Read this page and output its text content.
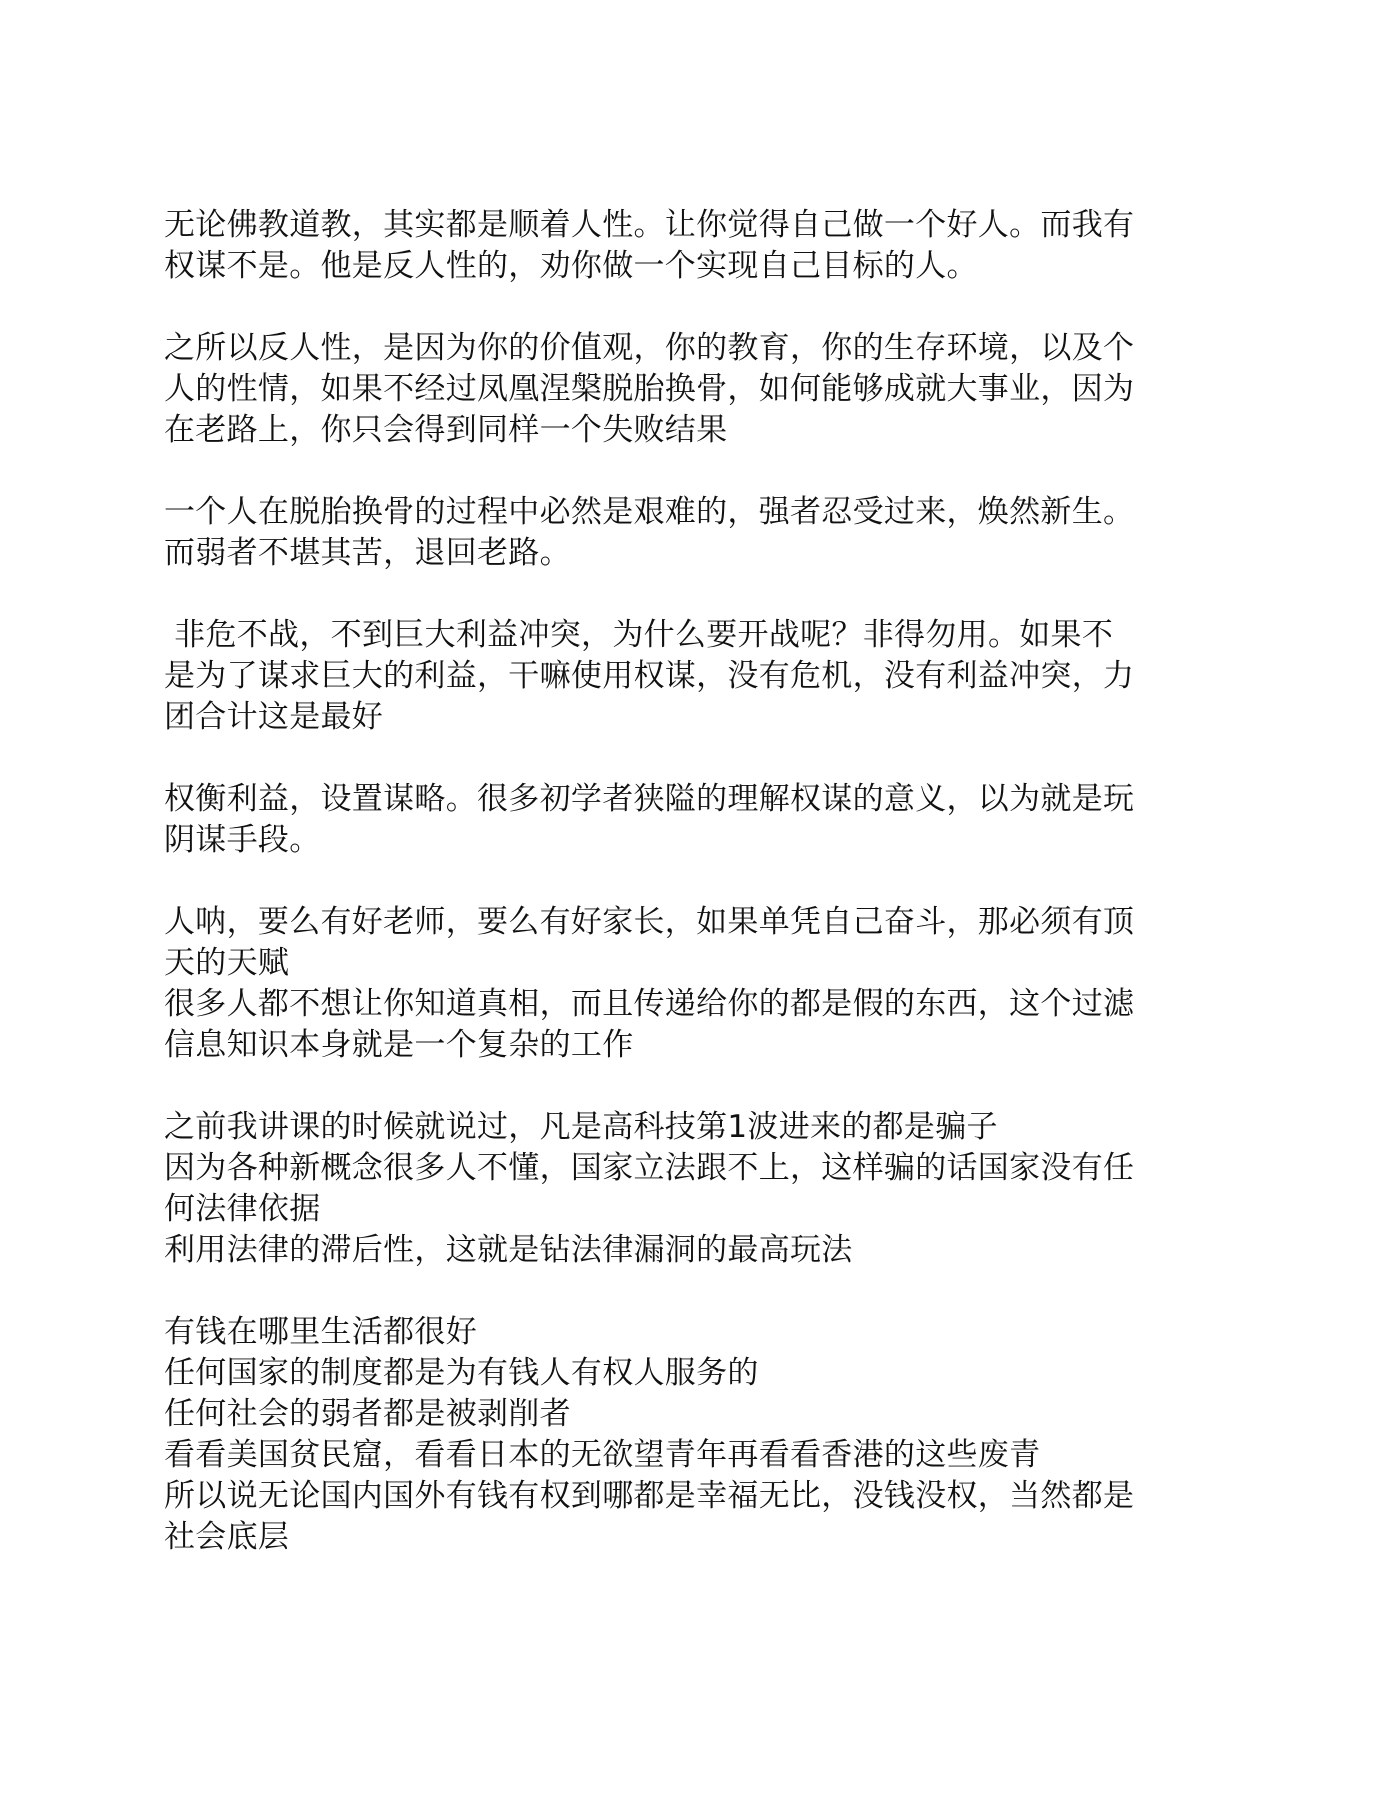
无论佛教道教，其实都是顺着人性。让你觉得自己做一个好人。而我有
权谋不是。他是反人性的，劝你做一个实现自己目标的人。

之所以反人性，是因为你的价值观，你的教育，你的生存环境，以及个
人的性情，如果不经过凤凰涅槃脱胎换骨，如何能够成就大事业，因为
在老路上，你只会得到同样一个失败结果

一个人在脱胎换骨的过程中必然是艰难的，强者忍受过来，焕然新生。
而弱者不堪其苦，退回老路。

非危不战，不到巨大利益冲突，为什么要开战呢？非得勿用。如果不
是为了谋求巨大的利益，干嘛使用权谋，没有危机，没有利益冲突，力
团合计这是最好

权衡利益，设置谋略。很多初学者狭隘的理解权谋的意义，以为就是玩
阴谋手段。

人呐，要么有好老师，要么有好家长，如果单凭自己奋斗，那必须有顶
天的天赋
很多人都不想让你知道真相，而且传递给你的都是假的东西，这个过滤
信息知识本身就是一个复杂的工作

之前我讲课的时候就说过，凡是高科技第1波进来的都是骗子
因为各种新概念很多人不懂，国家立法跟不上，这样骗的话国家没有任
何法律依据
利用法律的滞后性，这就是钻法律漏洞的最高玩法

有钱在哪里生活都很好
任何国家的制度都是为有钱人有权人服务的
任何社会的弱者都是被剥削者
看看美国贫民窟，看看日本的无欲望青年再看看香港的这些废青
所以说无论国内国外有钱有权到哪都是幸福无比，没钱没权，当然都是
社会底层
